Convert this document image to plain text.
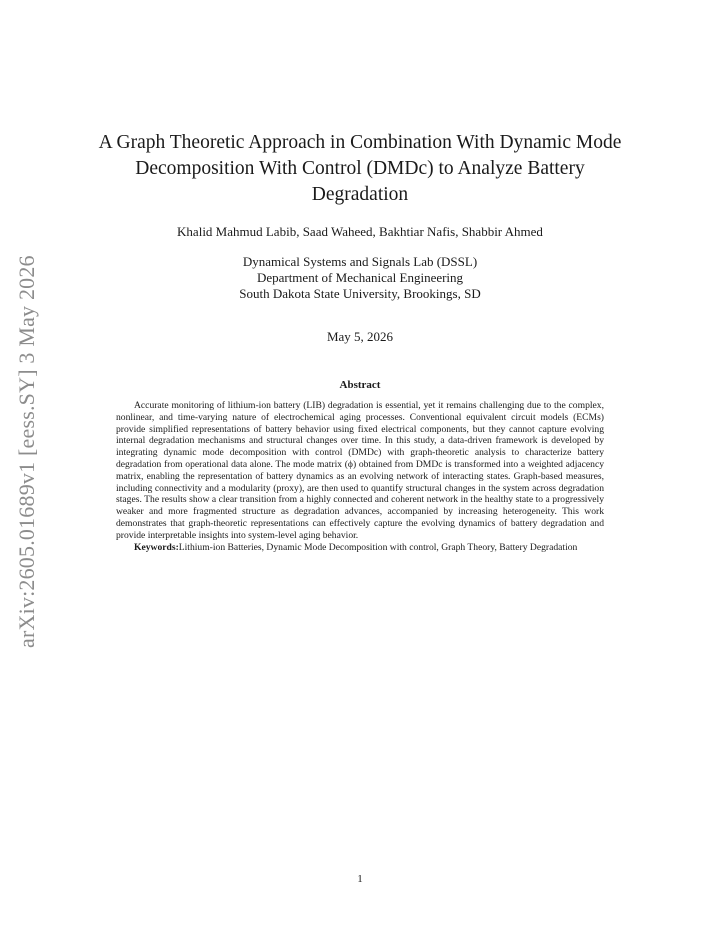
arXiv:2605.01689v1 [eess.SY] 3 May 2026
A Graph Theoretic Approach in Combination With Dynamic Mode
Decomposition With Control (DMDc) to Analyze Battery
Degradation
Khalid Mahmud Labib, Saad Waheed, Bakhtiar Nafis, Shabbir Ahmed
Dynamical Systems and Signals Lab (DSSL)
Department of Mechanical Engineering
South Dakota State University, Brookings, SD
May 5, 2026
Abstract

Accurate monitoring of lithium-ion battery (LIB) degradation is essential, yet it remains challenging due to the complex, nonlinear, and time-varying nature of electrochemical aging processes. Conventional equivalent circuit models (ECMs) provide simplified representations of battery behavior using fixed electrical components, but they cannot capture evolving internal degradation mechanisms and structural changes over time. In this study, a data-driven framework is developed by integrating dynamic mode decomposition with control (DMDc) with graph-theoretic analysis to characterize battery degradation from operational data alone. The mode matrix (ϕ) obtained from DMDc is transformed into a weighted adjacency matrix, enabling the representation of battery dynamics as an evolving network of interacting states. Graph-based measures, including connectivity and a modularity (proxy), are then used to quantify structural changes in the system across degradation stages. The results show a clear transition from a highly connected and coherent network in the healthy state to a progressively weaker and more fragmented structure as degradation advances, accompanied by increasing heterogeneity. This work demonstrates that graph-theoretic representations can effectively capture the evolving dynamics of battery degradation and provide interpretable insights into system-level aging behavior.

Keywords:Lithium-ion Batteries, Dynamic Mode Decomposition with control, Graph Theory, Battery Degradation

1
